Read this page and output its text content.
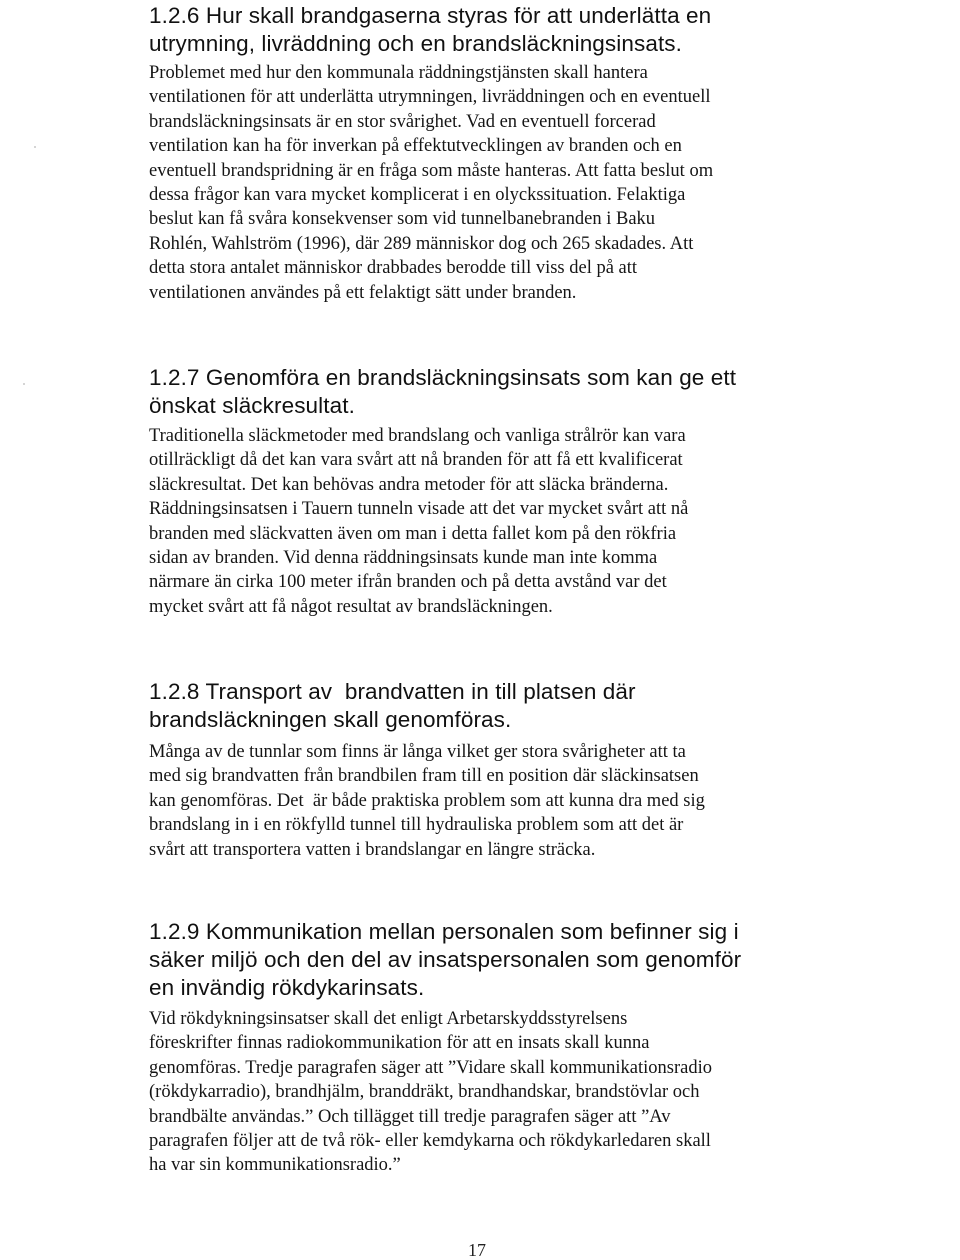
1.2.6 Hur skall brandgaserna styras för att underlätta en
utrymning, livräddning och en brandsläckningsinsats.

Problemet med hur den kommunala räddningstjänsten skall hantera
ventilationen för att underlätta utrymningen, livräddningen och en eventuell
brandsläckningsinsats är en stor svårighet. Vad en eventuell forcerad
ventilation kan ha för inverkan på effektutvecklingen av branden och en
eventuell brandspridning är en fråga som måste hanteras. Att fatta beslut om
dessa frågor kan vara mycket komplicerat i en olyckssituation. Felaktiga
beslut kan få svåra konsekvenser som vid tunnelbanebranden i Baku
Rohlén, Wahlström (1996), där 289 människor dog och 265 skadades. Att
detta stora antalet människor drabbades berodde till viss del på att
ventilationen användes på ett felaktigt sätt under branden.

1.2.7 Genomföra en brandsläckningsinsats som kan ge ett
önskat släckresultat.

Traditionella släckmetoder med brandslang och vanliga strålrör kan vara
otillräckligt då det kan vara svårt att nå branden för att få ett kvalificerat
släckresultat. Det kan behövas andra metoder för att släcka bränderna.
Räddningsinsatsen i Tauern tunneln visade att det var mycket svårt att nå
branden med släckvatten även om man i detta fallet kom på den rökfria
sidan av branden. Vid denna räddningsinsats kunde man inte komma
närmare än cirka 100 meter ifrån branden och på detta avstånd var det
mycket svårt att få något resultat av brandsläckningen.

1.2.8 Transport av  brandvatten in till platsen där
brandsläckningen skall genomföras.

Många av de tunnlar som finns är långa vilket ger stora svårigheter att ta
med sig brandvatten från brandbilen fram till en position där släckinsatsen
kan genomföras. Det  är både praktiska problem som att kunna dra med sig
brandslang in i en rökfylld tunnel till hydrauliska problem som att det är
svårt att transportera vatten i brandslangar en längre sträcka.

1.2.9 Kommunikation mellan personalen som befinner sig i
säker miljö och den del av insatspersonalen som genomför
en invändig rökdykarinsats.

Vid rökdykningsinsatser skall det enligt Arbetarskyddsstyrelsens
föreskrifter finnas radiokommunikation för att en insats skall kunna
genomföras. Tredje paragrafen säger att ”Vidare skall kommunikationsradio
(rökdykarradio), brandhjälm, branddräkt, brandhandskar, brandstövlar och
brandbälte användas.” Och tillägget till tredje paragrafen säger att ”Av
paragrafen följer att de två rök- eller kemdykarna och rökdykarledaren skall
ha var sin kommunikationsradio.”

17
